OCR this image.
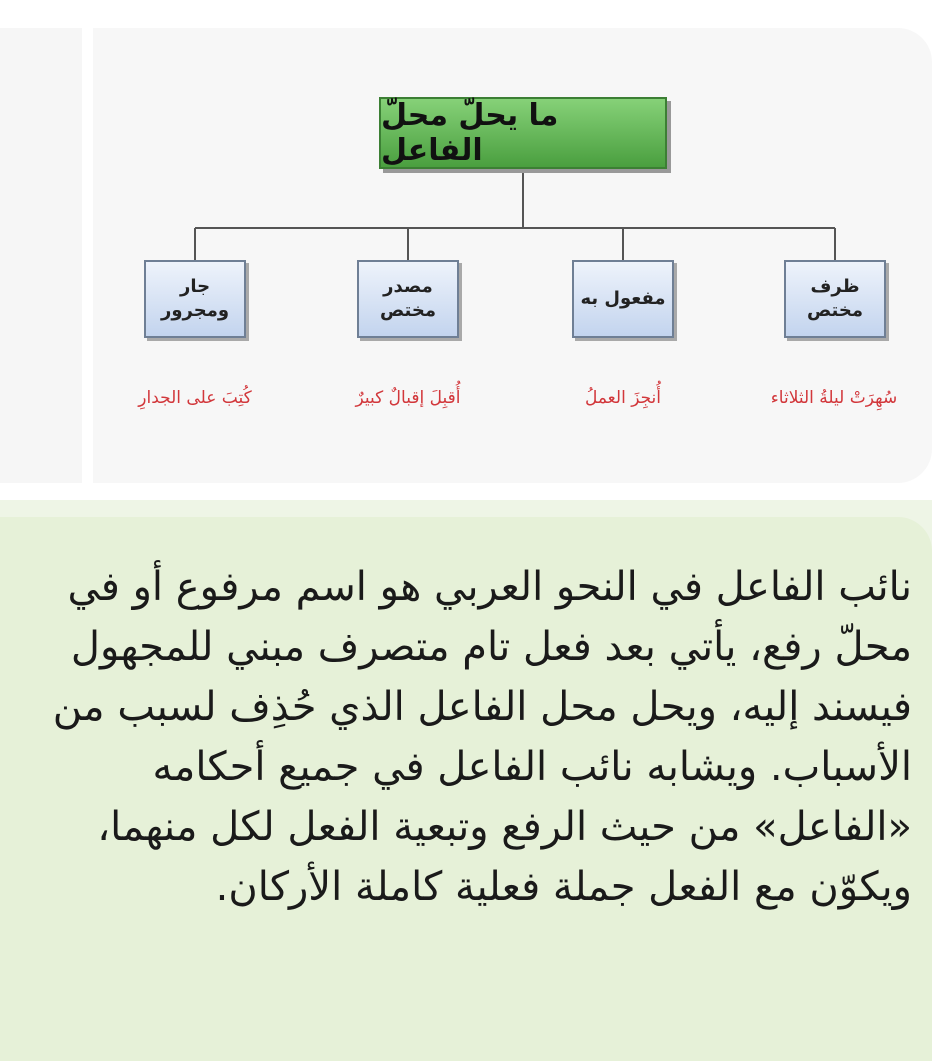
ما يحلّ محلّ الفاعل
ظرف
مختص
مفعول به
مصدر
مختص
جار
ومجرور
سُهِرَتْ ليلةُ الثلاثاء
أُنجِزَ العملُ
أُقبِلَ إقبالٌ كبيرٌ
كُتِبَ على الجدارِ

نائب الفاعل في النحو العربي هو اسم مرفوع أو في محلّ رفع، يأتي بعد فعل تام متصرف مبني للمجهول فيسند إليه، ويحل محل الفاعل الذي حُذِف لسبب من الأسباب. ويشابه نائب الفاعل في جميع أحكامه «الفاعل» من حيث الرفع وتبعية الفعل لكل منهما، ويكوّن مع الفعل جملة فعلية كاملة الأركان.
